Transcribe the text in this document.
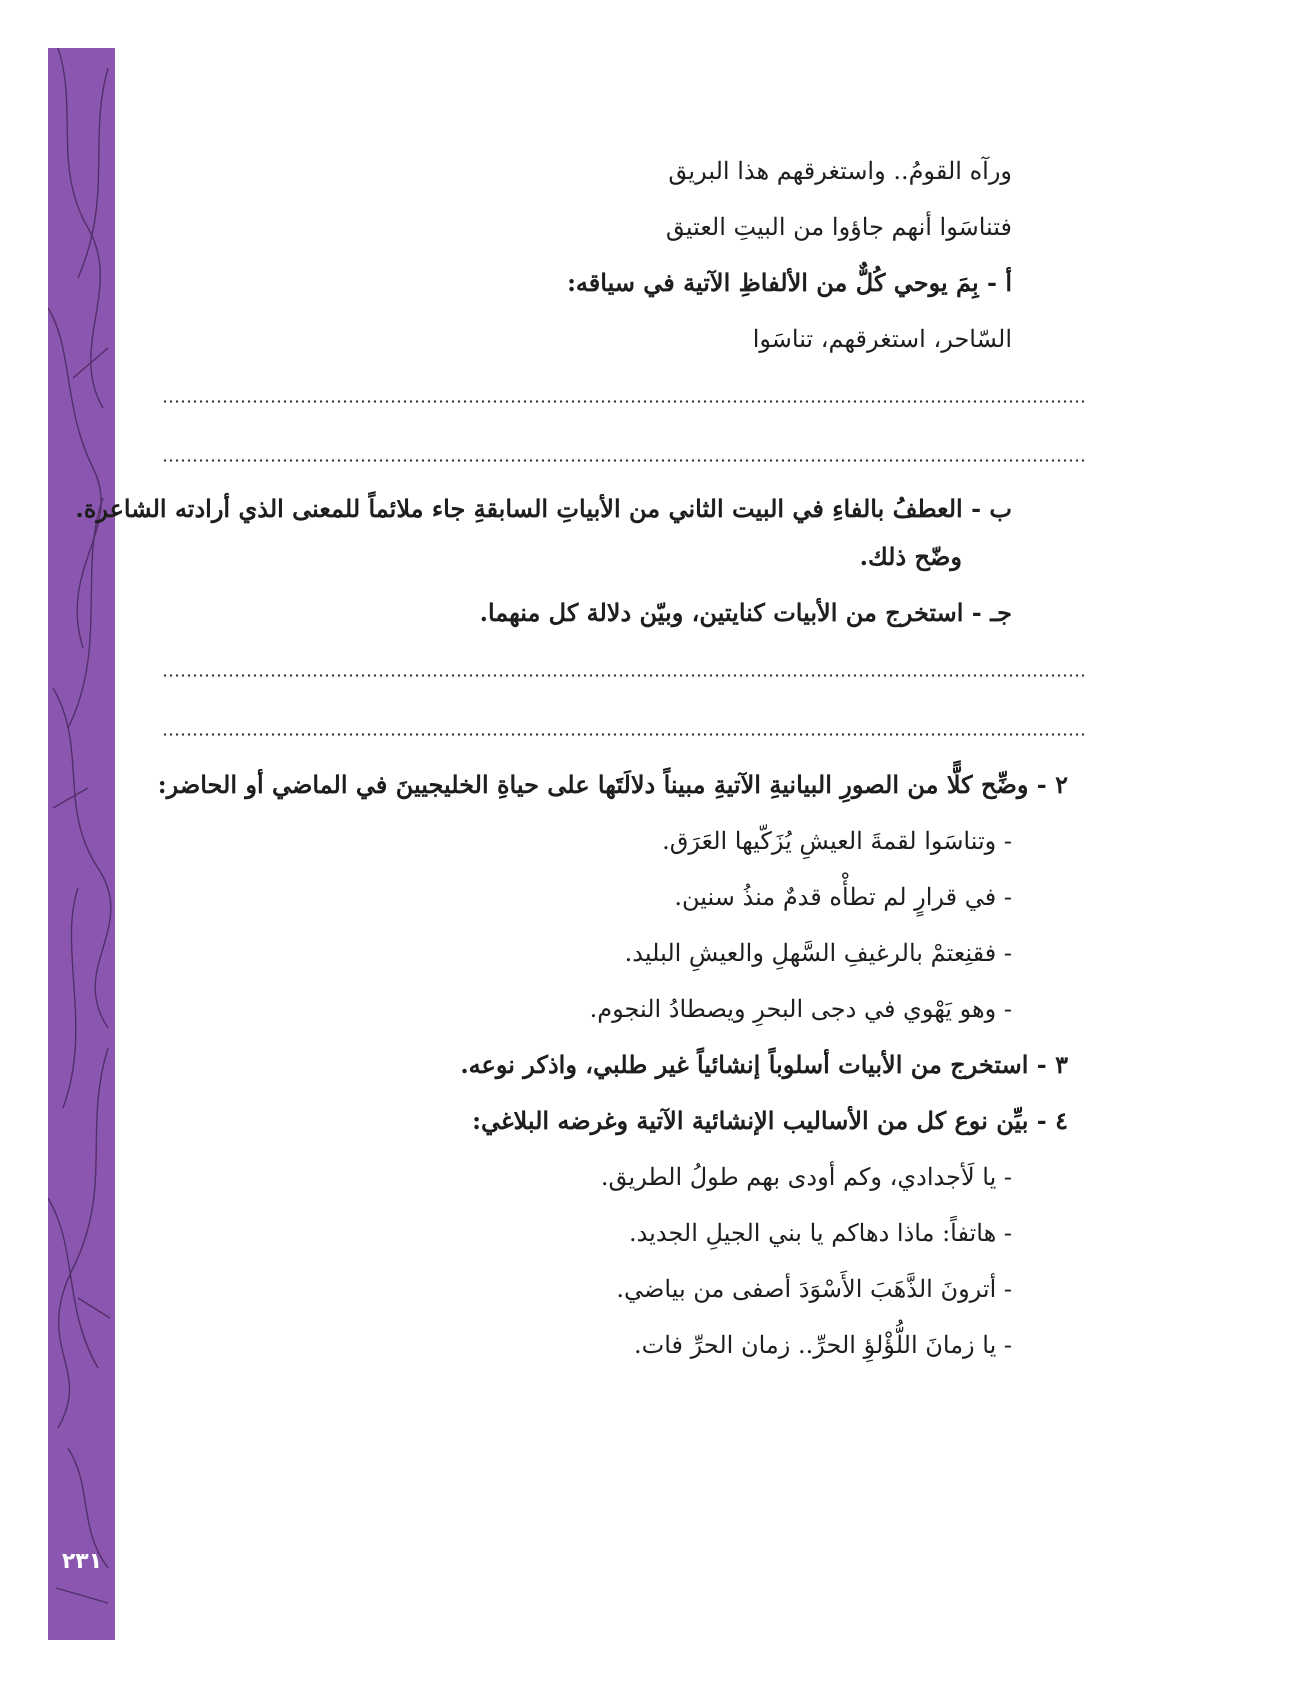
٢٣١

ورآه القومُ.. واستغرقهم هذا البريق

فتناسَوا أنهم جاؤوا من البيتِ العتيق

أ - بِمَ يوحي كُلٌّ من الألفاظِ الآتية في سياقه:

السّاحر، استغرقهم، تناسَوا

ب - العطفُ بالفاءِ في البيت الثاني من الأبياتِ السابقةِ جاء ملائماً للمعنى الذي أرادته الشاعرة.

وضّح ذلك.

جـ - استخرج من الأبيات كنايتين، وبيّن دلالة كل منهما.

٢ - وضِّح كلًّا من الصورِ البيانيةِ الآتيةِ مبيناً دلالَتَها على حياةِ الخليجيينَ في الماضي أو الحاضر:

- وتناسَوا لقمةَ العيشِ يُزَكّيها العَرَق.

- في قرارٍ لم تطأْه قدمٌ منذُ سنين.

- فقنِعتمْ بالرغيفِ السَّهلِ والعيشِ البليد.

- وهو يَهْوي في دجى البحرِ ويصطادُ النجوم.

٣ - استخرج من الأبيات أسلوباً إنشائياً غير طلبي، واذكر نوعه.

٤ - بيِّن نوع كل من الأساليب الإنشائية الآتية وغرضه البلاغي:

- يا لَأجدادي، وكم أودى بهم طولُ الطريق.

- هاتفاً: ماذا دهاكم يا بني الجيلِ الجديد.

- أترونَ الذَّهَبَ الأَسْوَدَ أصفى من بياضي.

- يا زمانَ اللُّؤْلؤِ الحرِّ.. زمان الحرِّ فات.
